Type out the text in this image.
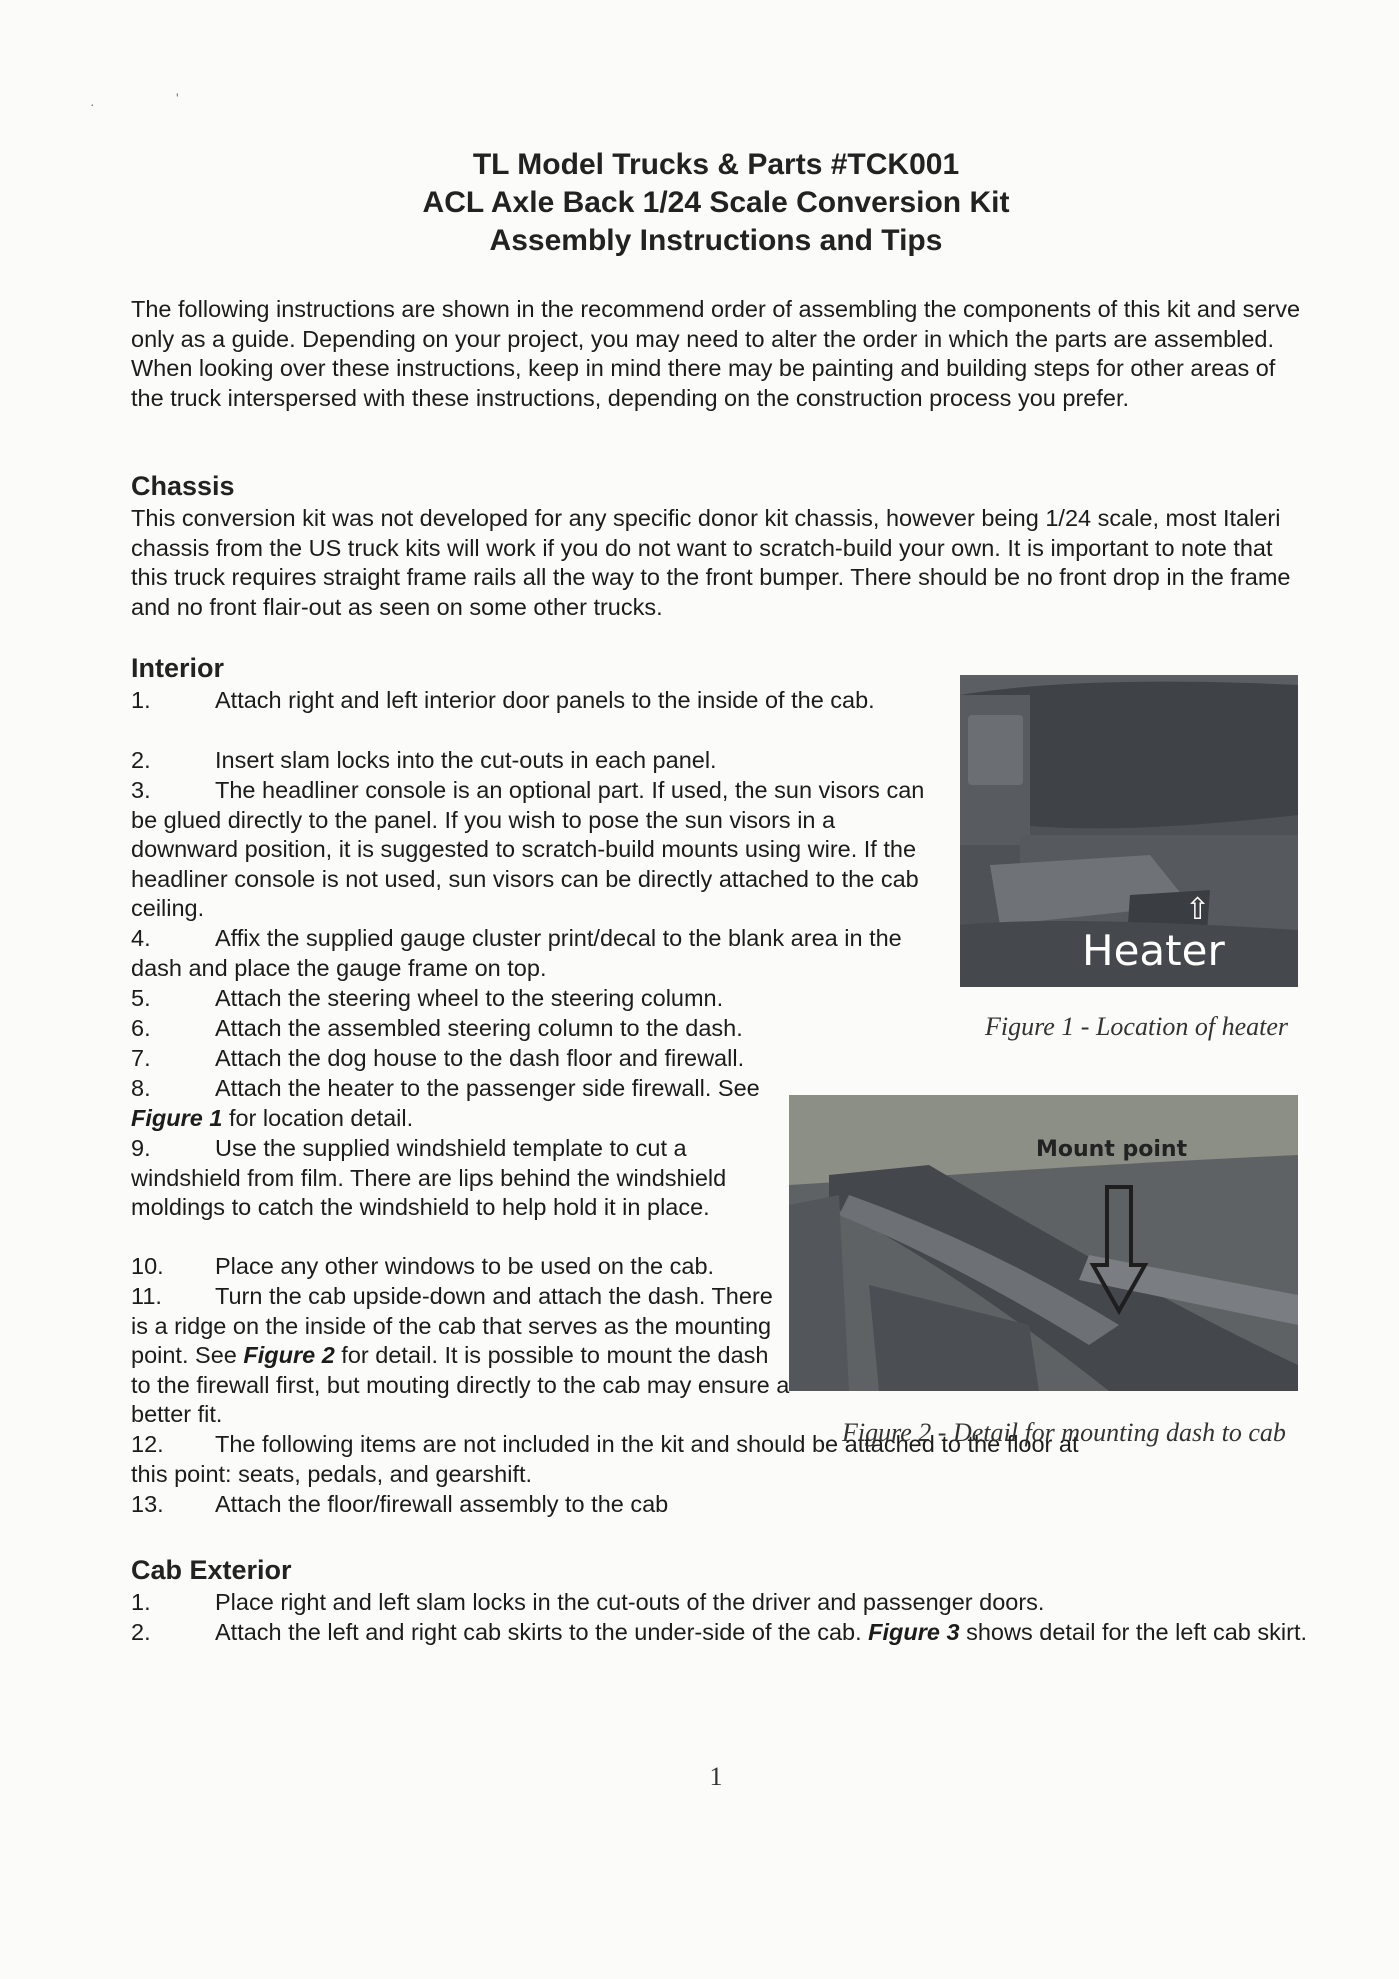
·	'

TL Model Trucks & Parts #TCK001

ACL Axle Back 1/24 Scale Conversion Kit

Assembly Instructions and Tips

The following instructions are shown in the recommend order of assembling the components of this kit and serve only as a guide. Depending on your project, you may need to alter the order in which the parts are assembled. When looking over these instructions, keep in mind there may be painting and building steps for other areas of the truck interspersed with these instructions, depending on the construction process you prefer.

Chassis

This conversion kit was not developed for any specific donor kit chassis, however being 1/24 scale, most Italeri chassis from the US truck kits will work if you do not want to scratch-build your own. It is important to note that this truck requires straight frame rails all the way to the front bumper. There should be no front drop in the frame and no front flair-out as seen on some other trucks.

Interior

1.	Attach right and left interior door panels to the inside of the cab.

2.	Insert slam locks into the cut-outs in each panel.

3.	The headliner console is an optional part. If used, the sun visors can be glued directly to the panel. If you wish to pose the sun visors in a downward position, it is suggested to scratch-build mounts using wire. If the headliner console is not used, sun visors can be directly attached to the cab ceiling.

4.	Affix the supplied gauge cluster print/decal to the blank area in the dash and place the gauge frame on top.

5.	Attach the steering wheel to the steering column.

6.	Attach the assembled steering column to the dash.

7.	Attach the dog house to the dash floor and firewall.

8.	Attach the heater to the passenger side firewall. See Figure 1 for location detail.

9.	Use the supplied windshield template to cut a windshield from film. There are lips behind the windshield moldings to catch the windshield to help hold it in place.

10. Place any other windows to be used on the cab.

11. Turn the cab upside-down and attach the dash. There is a ridge on the inside of the cab that serves as the mounting point. See Figure 2 for detail. It is possible to mount the dash to the firewall first, but mouting directly to the cab may ensure a better fit.

12. The following items are not included in the kit and should be attached to the floor at this point: seats, pedals, and gearshift.

13. Attach the floor/firewall assembly to the cab

Cab Exterior

1.	Place right and left slam locks in the cut-outs of the driver and passenger doors.

2.	Attach the left and right cab skirts to the under-side of the cab. Figure 3 shows detail for the left cab skirt.

⇧
Heater
Figure 1 - Location of heater
Mount point
Figure 2 - Detail for mounting dash to cab
1
